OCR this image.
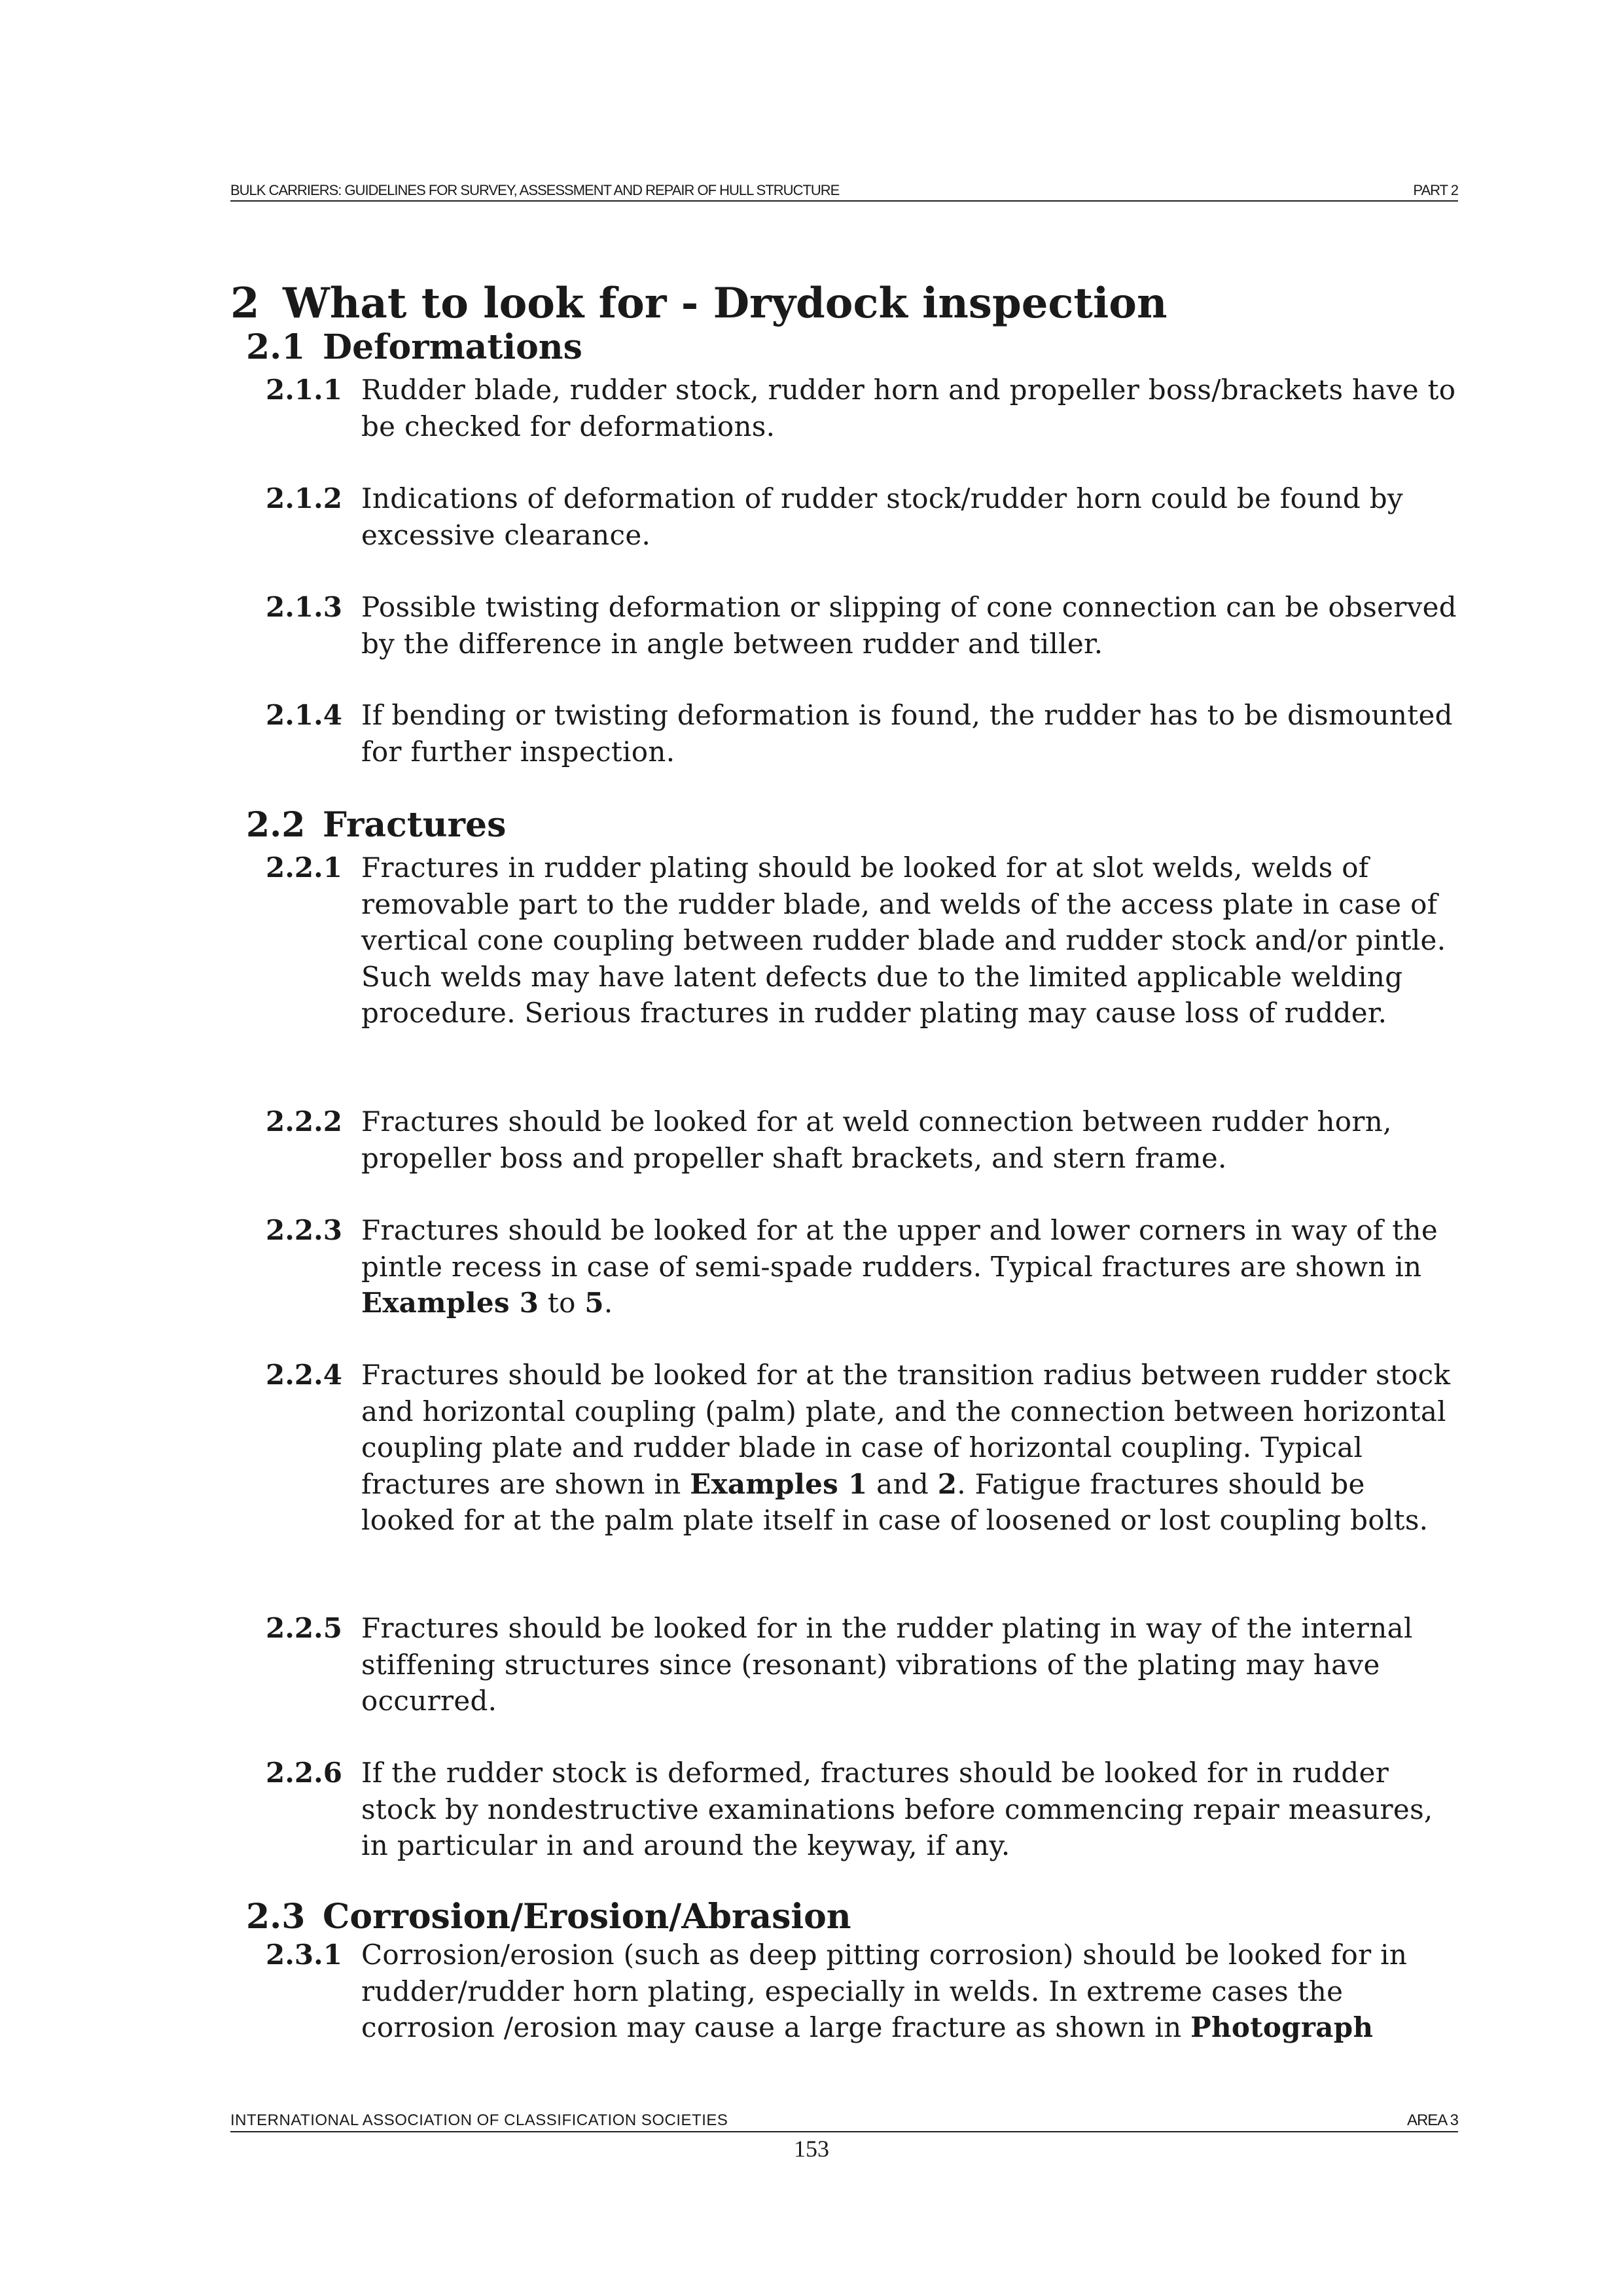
BULK CARRIERS: GUIDELINES FOR SURVEY, ASSESSMENT AND REPAIR OF HULL STRUCTURE	PART 2
2 What to look for - Drydock inspection
2.1 Deformations
2.1.1 Rudder blade, rudder stock, rudder horn and propeller boss/brackets have to be checked for deformations.
2.1.2 Indications of deformation of rudder stock/rudder horn could be found by excessive clearance.
2.1.3 Possible twisting deformation or slipping of cone connection can be observed by the difference in angle between rudder and tiller.
2.1.4 If bending or twisting deformation is found, the rudder has to be dismounted for further inspection.
2.2 Fractures
2.2.1 Fractures in rudder plating should be looked for at slot welds, welds of removable part to the rudder blade, and welds of the access plate in case of vertical cone coupling between rudder blade and rudder stock and/or pintle. Such welds may have latent defects due to the limited applicable welding procedure. Serious fractures in rudder plating may cause loss of rudder.
2.2.2 Fractures should be looked for at weld connection between rudder horn, propeller boss and propeller shaft brackets, and stern frame.
2.2.3 Fractures should be looked for at the upper and lower corners in way of the pintle recess in case of semi-spade rudders. Typical fractures are shown in Examples 3 to 5.
2.2.4 Fractures should be looked for at the transition radius between rudder stock and horizontal coupling (palm) plate, and the connection between horizontal coupling plate and rudder blade in case of horizontal coupling. Typical fractures are shown in Examples 1 and 2. Fatigue fractures should be looked for at the palm plate itself in case of loosened or lost coupling bolts.
2.2.5 Fractures should be looked for in the rudder plating in way of the internal stiffening structures since (resonant) vibrations of the plating may have occurred.
2.2.6 If the rudder stock is deformed, fractures should be looked for in rudder stock by nondestructive examinations before commencing repair measures, in particular in and around the keyway, if any.
2.3 Corrosion/Erosion/Abrasion
2.3.1 Corrosion/erosion (such as deep pitting corrosion) should be looked for in rudder/rudder horn plating, especially in welds. In extreme cases the corrosion /erosion may cause a large fracture as shown in Photograph
INTERNATIONAL ASSOCIATION OF CLASSIFICATION SOCIETIES	AREA 3
153
